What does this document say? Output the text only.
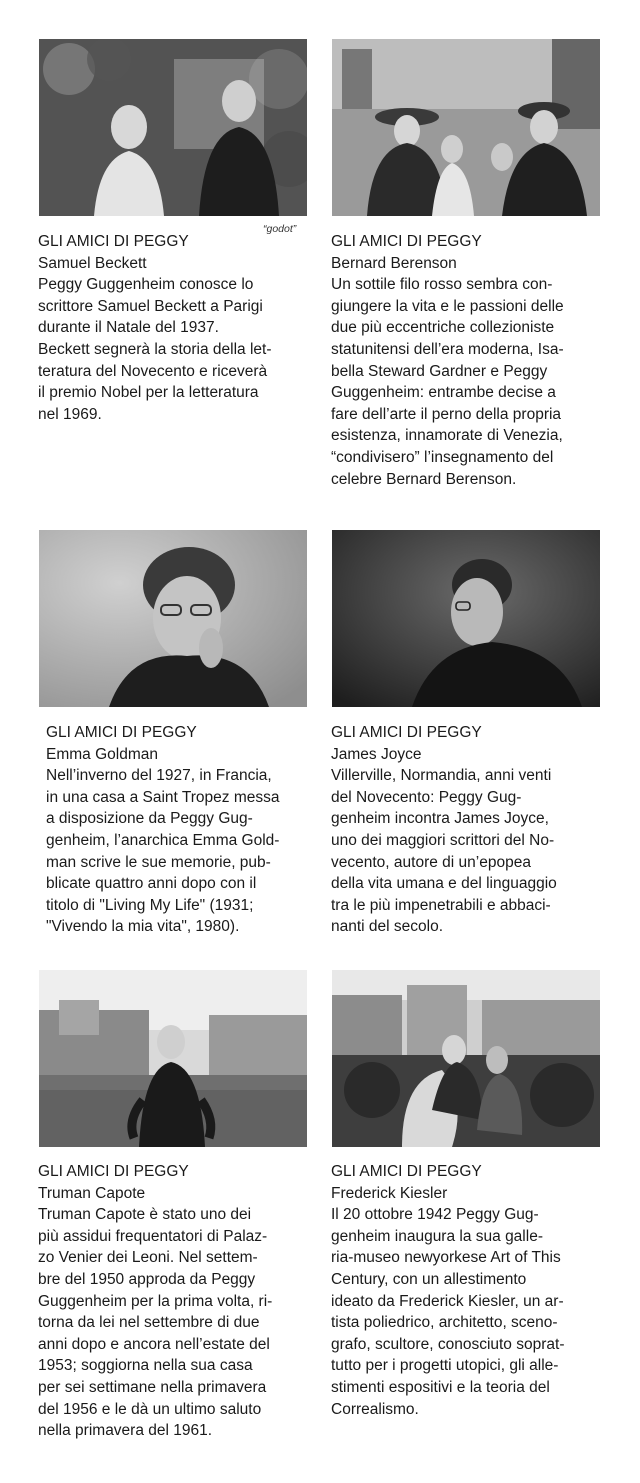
“godot”
GLI AMICI DI PEGGY
Samuel Beckett
Peggy Guggenheim conosce lo
scrittore Samuel Beckett a Parigi
durante il Natale del 1937.
Beckett segnerà la storia della let-
teratura del Novecento e riceverà
il premio Nobel per la letteratura
nel 1969.
GLI AMICI DI PEGGY
Bernard Berenson
Un sottile filo rosso sembra con-
giungere la vita e le passioni delle
due più eccentriche collezioniste
statunitensi dell’era moderna, Isa-
bella Steward Gardner e Peggy
Guggenheim: entrambe decise a
fare dell’arte il perno della propria
esistenza, innamorate di Venezia,
“condivisero” l’insegnamento del
celebre Bernard Berenson.
GLI AMICI DI PEGGY
Emma Goldman
Nell’inverno del 1927, in Francia,
in una casa a Saint Tropez messa
a disposizione da Peggy Gug-
genheim, l’anarchica Emma Gold-
man scrive le sue memorie, pub-
blicate quattro anni dopo con il
titolo di "Living My Life" (1931;
"Vivendo la mia vita", 1980).
GLI AMICI DI PEGGY
James Joyce
Villerville, Normandia, anni venti
del Novecento: Peggy Gug-
genheim incontra James Joyce,
uno dei maggiori scrittori del No-
vecento, autore di un’epopea
della vita umana e del linguaggio
tra le più impenetrabili e abbaci-
nanti del secolo.
GLI AMICI DI PEGGY
Truman Capote
Truman Capote è stato uno dei
più assidui frequentatori di Palaz-
zo Venier dei Leoni. Nel settem-
bre del 1950 approda da Peggy
Guggenheim per la prima volta, ri-
torna da lei nel settembre di due
anni dopo e ancora nell’estate del
1953; soggiorna nella sua casa
per sei settimane nella primavera
del 1956 e le dà un ultimo saluto
nella primavera del 1961.
GLI AMICI DI PEGGY
Frederick Kiesler
Il 20 ottobre 1942 Peggy Gug-
genheim inaugura la sua galle-
ria-museo newyorkese Art of This
Century, con un allestimento
ideato da Frederick Kiesler, un ar-
tista poliedrico, architetto, sceno-
grafo, scultore, conosciuto soprat-
tutto per i progetti utopici, gli alle-
stimenti espositivi e la teoria del
Correalismo.
